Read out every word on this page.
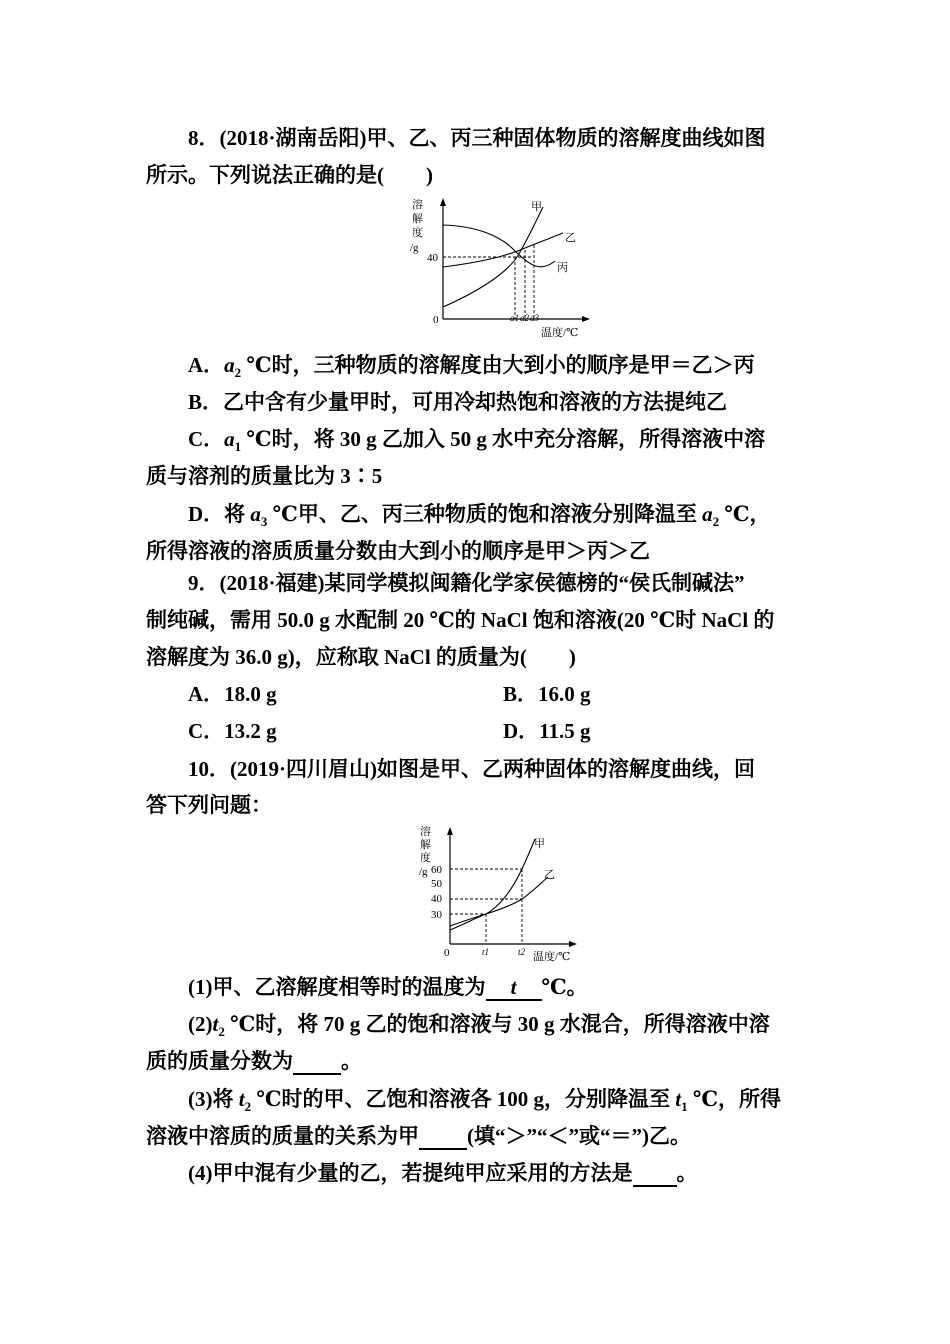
8．(2018·湖南岳阳)甲、乙、丙三种固体物质的溶解度曲线如图
所示。下列说法正确的是(　　)
溶
解
度
/g
40
0
甲
乙
丙
a1 a2 a3
温度/℃
A．$a_2$ ℃时，三种物质的溶解度由大到小的顺序是甲＝乙＞丙
B．乙中含有少量甲时，可用冷却热饱和溶液的方法提纯乙
C．$a_1$ ℃时，将 30 g 乙加入 50 g 水中充分溶解，所得溶液中溶
质与溶剂的质量比为 3∶5
D．将 $a_3$ ℃甲、乙、丙三种物质的饱和溶液分别降温至 $a_2$ ℃，
所得溶液的溶质质量分数由大到小的顺序是甲＞丙＞乙
9．(2018·福建)某同学模拟闽籍化学家侯德榜的“侯氏制碱法”
制纯碱，需用 50.0 g 水配制 20 ℃的 NaCl 饱和溶液(20 ℃时 NaCl 的
溶解度为 36.0 g)，应称取 NaCl 的质量为(　　)
A．18.0 g	B．16.0 g
C．13.2 g	D．11.5 g
10．(2019·四川眉山)如图是甲、乙两种固体的溶解度曲线，回
答下列问题：
溶
解
度
/g 60
50
40
30
0
甲
乙
t1	t2 温度/℃
(1)甲、乙溶解度相等时的温度为 t ℃。
$(2)t_2$ ℃时，将 70 g 乙的饱和溶液与 30 g 水混合，所得溶液中溶
质的质量分数为 。
(3)将 $t_2$ ℃时的甲、乙饱和溶液各 100 g，分别降温至 $t_1$ ℃，所得
溶液中溶质的质量的关系为甲 (填“＞”“＜”或“＝”)乙。
(4)甲中混有少量的乙，若提纯甲应采用的方法是 。
